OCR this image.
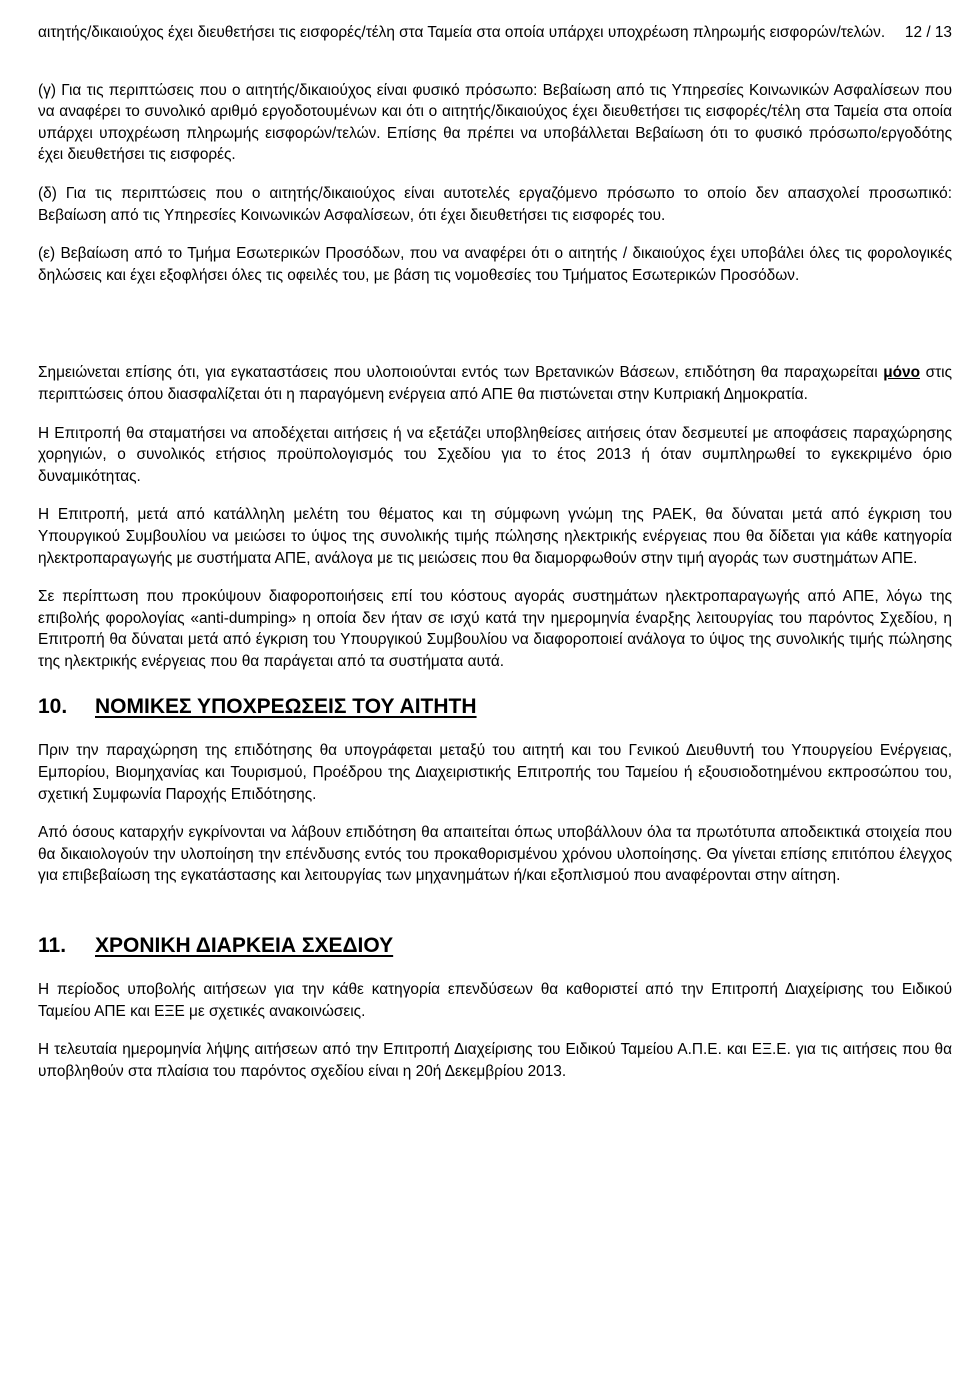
12 / 13

αιτητής/δικαιούχος έχει διευθετήσει τις εισφορές/τέλη στα Ταμεία στα οποία υπάρχει υποχρέωση πληρωμής εισφορών/τελών.

(γ) Για τις περιπτώσεις που ο αιτητής/δικαιούχος είναι φυσικό πρόσωπο: Βεβαίωση από τις Υπηρεσίες Κοινωνικών Ασφαλίσεων που να αναφέρει το συνολικό αριθμό εργοδοτουμένων και ότι ο αιτητής/δικαιούχος έχει διευθετήσει τις εισφορές/τέλη στα Ταμεία στα οποία υπάρχει υποχρέωση πληρωμής εισφορών/τελών. Επίσης θα πρέπει να υποβάλλεται Βεβαίωση ότι το φυσικό πρόσωπο/εργοδότης έχει διευθετήσει τις εισφορές.

(δ) Για τις περιπτώσεις που ο αιτητής/δικαιούχος είναι αυτοτελές εργαζόμενο πρόσωπο το οποίο δεν απασχολεί προσωπικό: Βεβαίωση από τις Υπηρεσίες Κοινωνικών Ασφαλίσεων, ότι έχει διευθετήσει τις εισφορές του.

(ε) Βεβαίωση από το Τμήμα Εσωτερικών Προσόδων, που να αναφέρει ότι ο αιτητής / δικαιούχος έχει υποβάλει όλες τις φορολογικές δηλώσεις και έχει εξοφλήσει όλες τις οφειλές του, με βάση τις νομοθεσίες του Τμήματος Εσωτερικών Προσόδων.

Σημειώνεται επίσης ότι, για εγκαταστάσεις που υλοποιούνται εντός των Βρετανικών Βάσεων, επιδότηση θα παραχωρείται μόνο στις περιπτώσεις όπου διασφαλίζεται ότι η παραγόμενη ενέργεια από ΑΠΕ θα πιστώνεται στην Κυπριακή Δημοκρατία.

Η Επιτροπή θα σταματήσει να αποδέχεται αιτήσεις ή να εξετάζει υποβληθείσες αιτήσεις όταν δεσμευτεί με αποφάσεις παραχώρησης χορηγιών, ο συνολικός ετήσιος προϋπολογισμός του Σχεδίου για το έτος 2013 ή όταν συμπληρωθεί το εγκεκριμένο όριο δυναμικότητας.

Η Επιτροπή, μετά από κατάλληλη μελέτη του θέματος και τη σύμφωνη γνώμη της ΡΑΕΚ, θα δύναται μετά από έγκριση του Υπουργικού Συμβουλίου να μειώσει το ύψος της συνολικής τιμής πώλησης ηλεκτρικής ενέργειας που θα δίδεται για κάθε κατηγορία ηλεκτροπαραγωγής με συστήματα ΑΠΕ, ανάλογα με τις μειώσεις που θα διαμορφωθούν στην τιμή αγοράς των συστημάτων ΑΠΕ.

Σε περίπτωση που προκύψουν διαφοροποιήσεις επί του κόστους αγοράς συστημάτων ηλεκτροπαραγωγής από ΑΠΕ, λόγω της επιβολής φορολογίας «anti-dumping» η οποία δεν ήταν σε ισχύ κατά την ημερομηνία έναρξης λειτουργίας του παρόντος Σχεδίου, η Επιτροπή θα δύναται μετά από έγκριση του Υπουργικού Συμβουλίου να διαφοροποιεί ανάλογα το ύψος της συνολικής τιμής πώλησης της ηλεκτρικής ενέργειας που θα παράγεται από τα συστήματα αυτά.

10. ΝΟΜΙΚΕΣ ΥΠΟΧΡΕΩΣΕΙΣ ΤΟΥ ΑΙΤΗΤΗ

Πριν την παραχώρηση της επιδότησης θα υπογράφεται μεταξύ του αιτητή και του Γενικού Διευθυντή του Υπουργείου Ενέργειας, Εμπορίου, Βιομηχανίας και Τουρισμού, Προέδρου της Διαχειριστικής Επιτροπής του Ταμείου ή εξουσιοδοτημένου εκπροσώπου του, σχετική Συμφωνία Παροχής Επιδότησης.

Από όσους καταρχήν εγκρίνονται να λάβουν επιδότηση θα απαιτείται όπως υποβάλλουν όλα τα πρωτότυπα αποδεικτικά στοιχεία που θα δικαιολογούν την υλοποίηση την επένδυσης εντός του προκαθορισμένου χρόνου υλοποίησης. Θα γίνεται επίσης επιτόπου έλεγχος για επιβεβαίωση της εγκατάστασης και λειτουργίας των μηχανημάτων ή/και εξοπλισμού που αναφέρονται στην αίτηση.

11. ΧΡΟΝΙΚΗ ΔΙΑΡΚΕΙΑ ΣΧΕΔΙΟΥ

Η περίοδος υποβολής αιτήσεων για την κάθε κατηγορία επενδύσεων θα καθοριστεί από την Επιτροπή Διαχείρισης του Ειδικού Ταμείου ΑΠΕ και ΕΞΕ με σχετικές ανακοινώσεις.

Η τελευταία ημερομηνία λήψης αιτήσεων από την Επιτροπή Διαχείρισης του Ειδικού Ταμείου Α.Π.Ε. και ΕΞ.Ε. για τις αιτήσεις που θα υποβληθούν στα πλαίσια του παρόντος σχεδίου είναι η 20ή Δεκεμβρίου 2013.
